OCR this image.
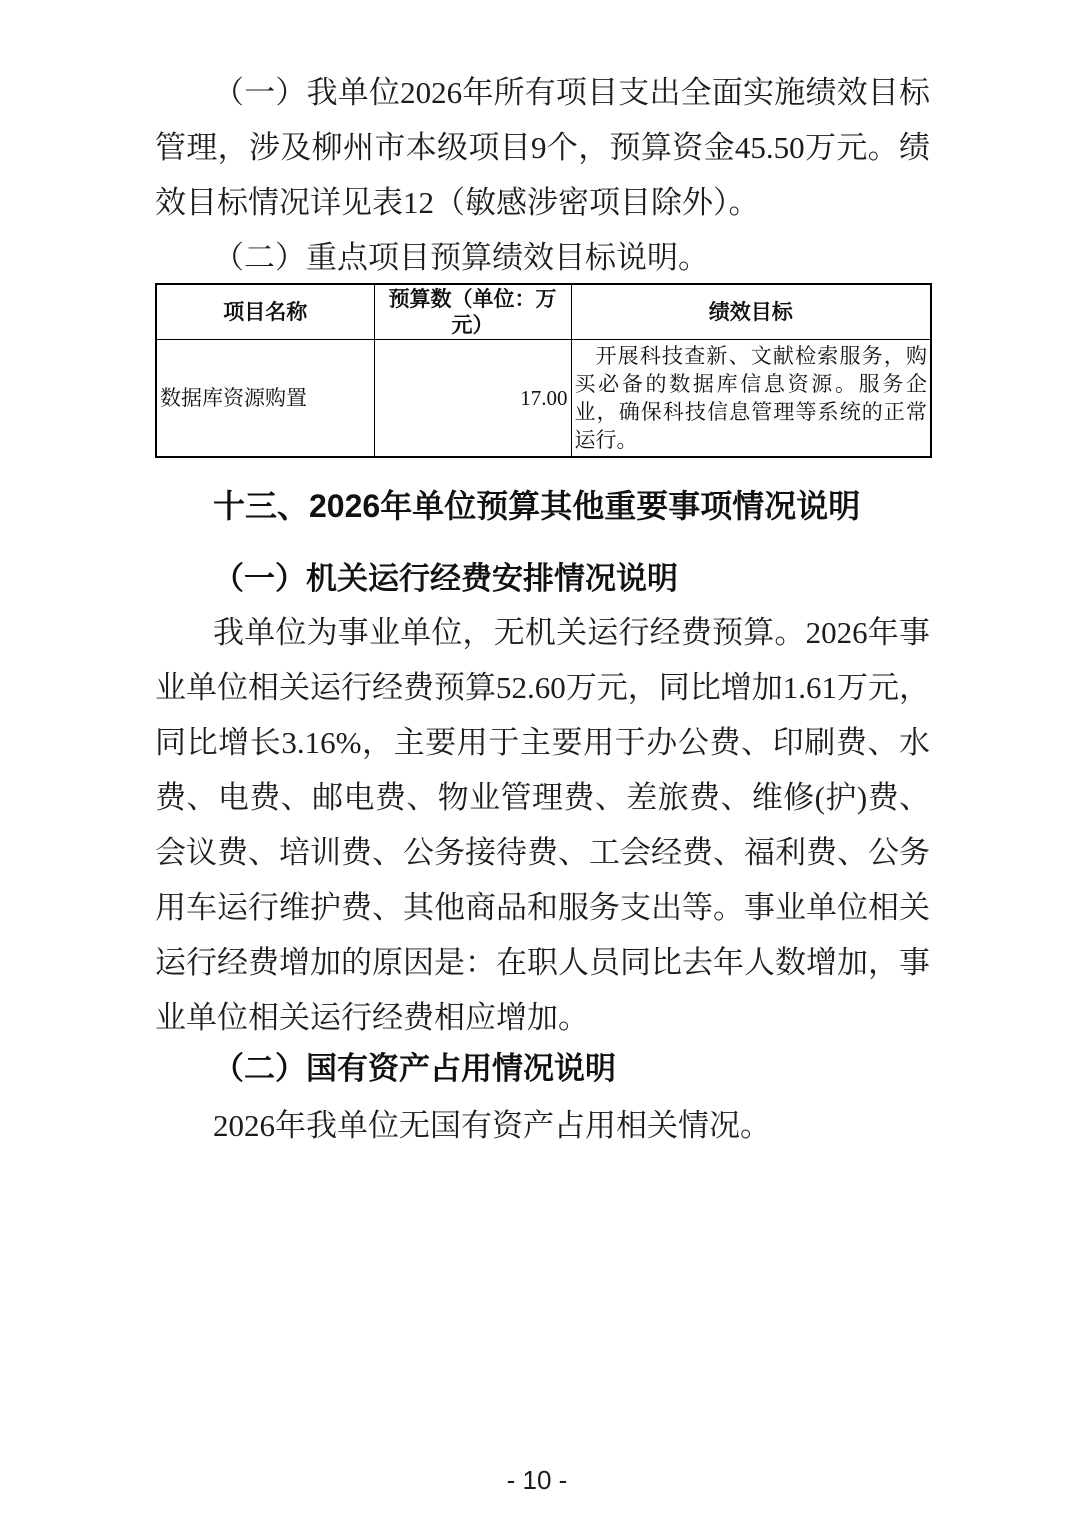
（一）我单位2026年所有项目支出全面实施绩效目标管理，涉及柳州市本级项目9个，预算资金45.50万元。绩效目标情况详见表12（敏感涉密项目除外）。

（二）重点项目预算绩效目标说明。

项目名称	预算数（单位：万元）	绩效目标
数据库资源购置	17.00	开展科技查新、文献检索服务，购买必备的数据库信息资源。服务企业，确保科技信息管理等系统的正常运行。
十三、2026年单位预算其他重要事项情况说明
（一）机关运行经费安排情况说明

我单位为事业单位，无机关运行经费预算。2026年事业单位相关运行经费预算52.60万元，同比增加1.61万元，同比增长3.16%，主要用于主要用于办公费、印刷费、水费、电费、邮电费、物业管理费、差旅费、维修(护)费、会议费、培训费、公务接待费、工会经费、福利费、公务用车运行维护费、其他商品和服务支出等。事业单位相关运行经费增加的原因是：在职人员同比去年人数增加，事业单位相关运行经费相应增加。

（二）国有资产占用情况说明

2026年我单位无国有资产占用相关情况。

- 10 -
